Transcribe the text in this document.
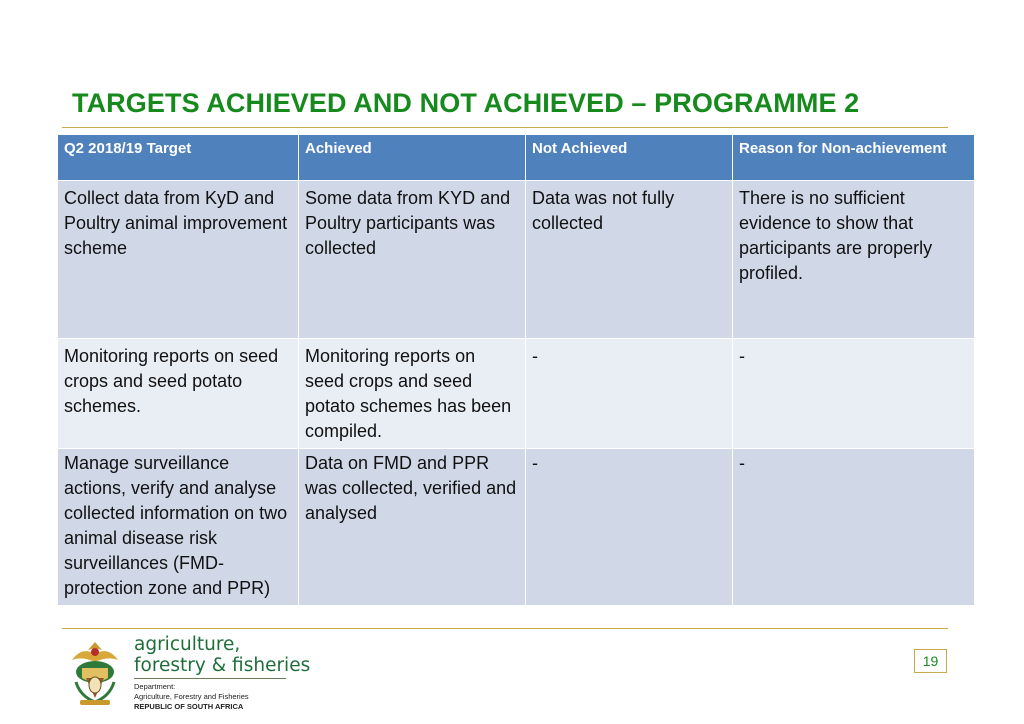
TARGETS ACHIEVED AND NOT ACHIEVED – PROGRAMME 2
Q2 2018/19 Target	Achieved	Not Achieved	Reason for Non-achievement
Collect data from KyD and Poultry animal improvement scheme	Some data from KYD and Poultry participants was collected	Data was not fully collected	There is no sufficient evidence to show that participants are properly profiled.
Monitoring reports on seed crops and seed potato schemes.	Monitoring reports on seed crops and seed potato schemes has been compiled.	-	-
Manage surveillance actions, verify and analyse collected information on two animal disease risk surveillances (FMD-protection zone and PPR)	Data on FMD and PPR was collected, verified and analysed	-	-
agriculture,
forestry & fisheries
Department:
Agriculture, Forestry and Fisheries
REPUBLIC OF SOUTH AFRICA
19
